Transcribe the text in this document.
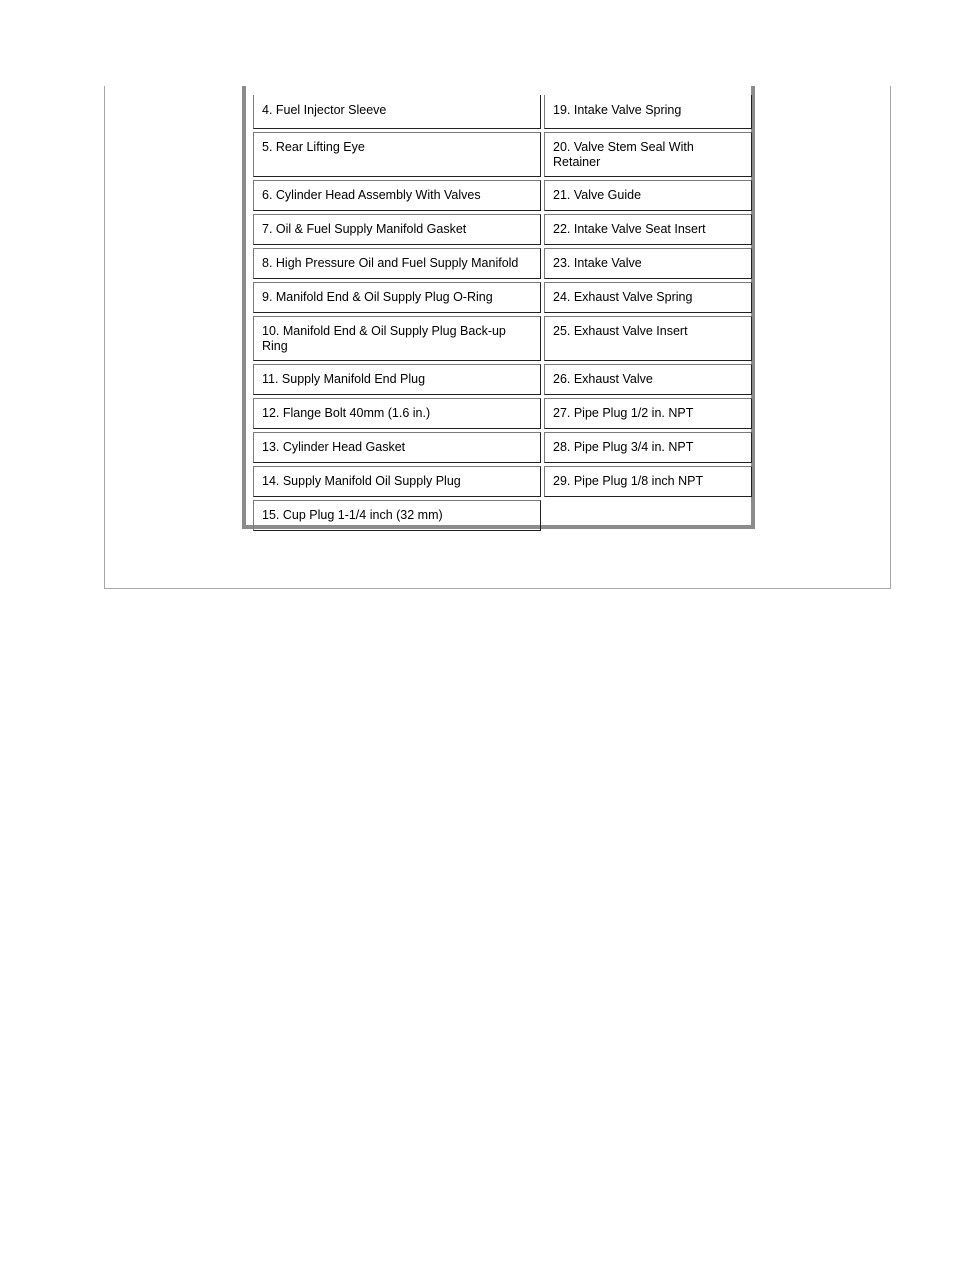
4. Fuel Injector Sleeve	19. Intake Valve Spring
5. Rear Lifting Eye	20. Valve Stem Seal With Retainer
6. Cylinder Head Assembly With Valves	21. Valve Guide
7. Oil & Fuel Supply Manifold Gasket	22. Intake Valve Seat Insert
8. High Pressure Oil and Fuel Supply Manifold	23. Intake Valve
9. Manifold End & Oil Supply Plug O-Ring	24. Exhaust Valve Spring
10. Manifold End & Oil Supply Plug Back-up Ring	25. Exhaust Valve Insert
11. Supply Manifold End Plug	26. Exhaust Valve
12. Flange Bolt 40mm (1.6 in.)	27. Pipe Plug 1/2 in. NPT
13. Cylinder Head Gasket	28. Pipe Plug 3/4 in. NPT
14. Supply Manifold Oil Supply Plug	29. Pipe Plug 1/8 inch NPT
15. Cup Plug 1-1/4 inch (32 mm)	
